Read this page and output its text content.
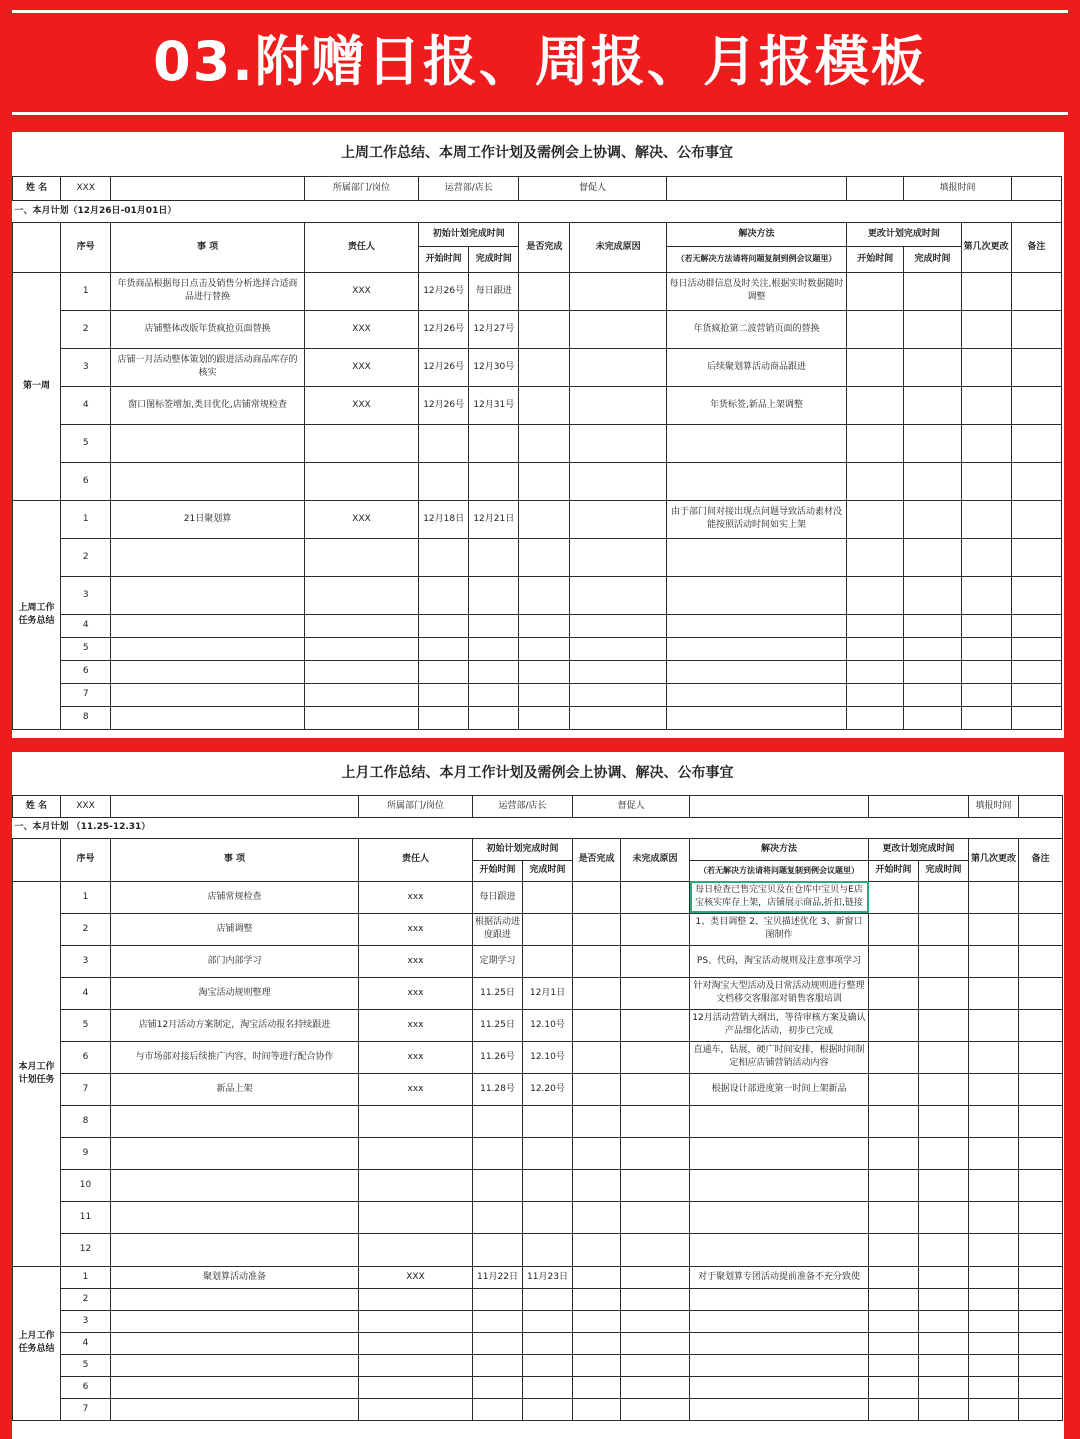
03.附赠日报、周报、月报模板
上周工作总结、本周工作计划及需例会上协调、解决、公布事宜												
姓 名	XXX		所属部门/岗位	运营部/店长		督促人				填报时间		
一、本月计划（12月26日-01月01日）												
	序号	事 项	责任人	初始计划完成时间		是否完成	未完成原因	解决方法	更改计划完成时间		第几次更改	备注
				开始时间	完成时间			（若无解决方法请将问题复制到例会议题里）	开始时间	完成时间		
第一周	1	年货商品根据每日点击及销售分析选择合适商品进行替换	XXX	12月26号	每日跟进			每日活动群信息及时关注,根据实时数据随时调整				
	2	店铺整体改版年货疯抢页面替换	XXX	12月26号	12月27号			年货疯抢第二波营销页面的替换				
	3	店铺一月活动整体策划的跟进活动商品库存的核实	XXX	12月26号	12月30号			后续聚划算活动商品跟进				
	4	窗口图标签增加,类目优化,店铺常规检查	XXX	12月26号	12月31号			年货标签,新品上架调整				
	5											
	6											
上周工作任务总结	1	21日聚划算	XXX	12月18日	12月21日			由于部门间对接出现点问题导致活动素材没能按照活动时间如实上架				
	2											
	3											
	4											
	5											
	6											
	7											
	8											
上月工作总结、本月工作计划及需例会上协调、解决、公布事宜												
姓 名	XXX		所属部门/岗位	运营部/店长		督促人					填报时间	
一、本月计划 （11.25-12.31）												
	序号	事 项	责任人	初始计划完成时间		是否完成	未完成原因	解决方法	更改计划完成时间		第几次更改	备注
				开始时间	完成时间			（若无解决方法请将问题复制到例会议题里）	开始时间	完成时间		
本月工作计划任务	1	店铺常规检查	xxx	每日跟进				每日检查已售完宝贝及在仓库中宝贝与E店宝核实库存上架，店铺展示商品,折扣,链接				
	2	店铺调整	xxx	根据活动进度跟进				1、类目调整 2、宝贝描述优化 3、新窗口图制作				
	3	部门内部学习	xxx	定期学习				PS、代码，淘宝活动规则及注意事项学习				
	4	淘宝活动规则整理	xxx	11.25日	12月1日			针对淘宝大型活动及日常活动规则进行整理文档移交客服部对销售客服培训				
	5	店铺12月活动方案制定，淘宝活动报名持续跟进	xxx	11.25日	12.10号			12月活动营销大纲出，等待审核方案及确认产品细化活动，初步已完成				
	6	与市场部对接后续推广内容，时间等进行配合协作	xxx	11.26号	12.10号			直通车，钻展，硬广时间安排，根据时间制定相应店铺营销活动内容				
	7	新品上架	xxx	11.28号	12.20号			根据设计部进度第一时间上架新品				
	8											
	9											
	10											
	11											
	12											
上月工作任务总结	1	聚划算活动准备	XXX	11月22日	11月23日			对于聚划算专团活动提前准备不充分致使				
	2											
	3											
	4											
	5											
	6											
	7											
